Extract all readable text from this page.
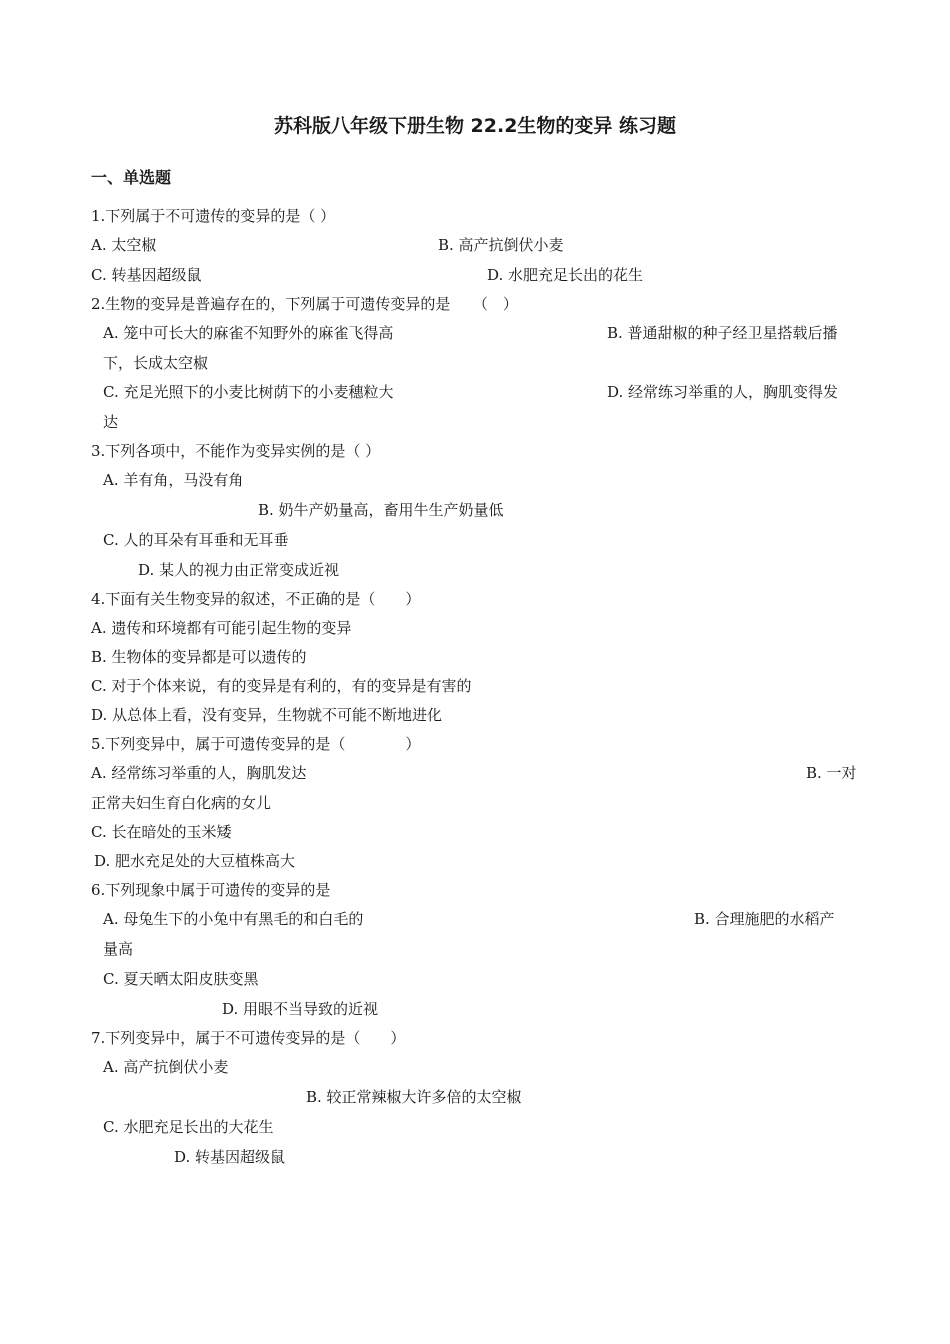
苏科版八年级下册生物 22.2生物的变异 练习题
一、单选题
1.下列属于不可遗传的变异的是（ ）
A. 太空椒	B. 高产抗倒伏小麦
C. 转基因超级鼠	D. 水肥充足长出的花生
2.生物的变异是普遍存在的，下列属于可遗传变异的是　　（　）
A. 笼中可长大的麻雀不知野外的麻雀飞得高	B. 普通甜椒的种子经卫星搭载后播
下，长成太空椒
C. 充足光照下的小麦比树荫下的小麦穗粒大	D. 经常练习举重的人，胸肌变得发
达
3.下列各项中，不能作为变异实例的是（ ）
A. 羊有角，马没有角
B. 奶牛产奶量高，畜用牛生产奶量低
C. 人的耳朵有耳垂和无耳垂
D. 某人的视力由正常变成近视
4.下面有关生物变异的叙述，不正确的是（　　）
A. 遗传和环境都有可能引起生物的变异
B. 生物体的变异都是可以遗传的
C. 对于个体来说，有的变异是有利的，有的变异是有害的
D. 从总体上看，没有变异，生物就不可能不断地进化
5.下列变异中，属于可遗传变异的是（　　　　）
A. 经常练习举重的人，胸肌发达	B. 一对
正常夫妇生育白化病的女儿
C. 长在暗处的玉米矮
D. 肥水充足处的大豆植株高大
6.下列现象中属于可遗传的变异的是
A. 母兔生下的小兔中有黑毛的和白毛的	B. 合理施肥的水稻产
量高
C. 夏天晒太阳皮肤变黑
D. 用眼不当导致的近视
7.下列变异中，属于不可遗传变异的是（　　）
A. 高产抗倒伏小麦
B. 较正常辣椒大许多倍的太空椒
C. 水肥充足长出的大花生
D. 转基因超级鼠
